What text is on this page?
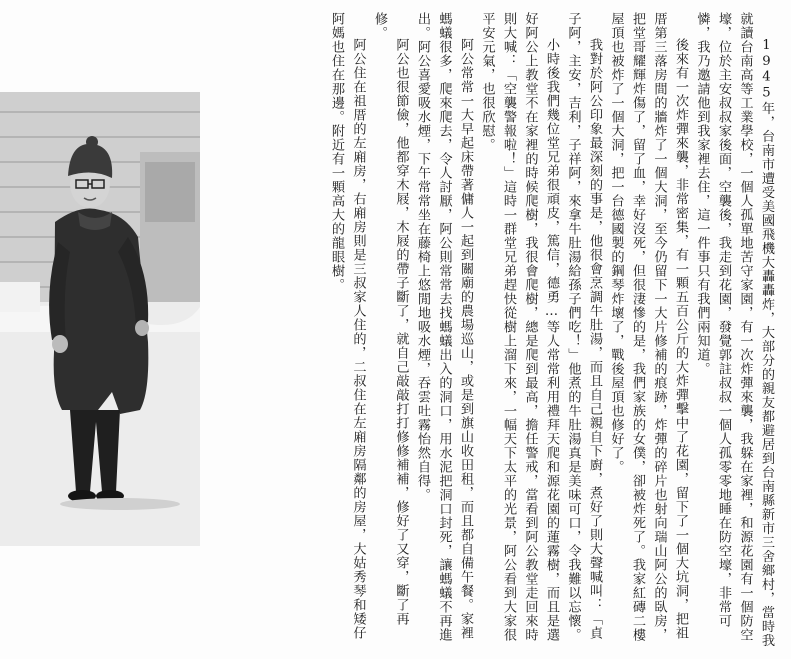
1945年，台南市遭受美國飛機大轟轟炸，大部分的親友都避居到台南縣新市三舍鄉村，當時我就讀台南高等工業學校，一個人孤單地苦守家園，有一次炸彈來襲，我躲在家裡，和源花園有一個防空壕，位於主安叔叔家後面，空襲後，我走到花園，發覺郭註叔叔一個人孤零零地睡在防空壕，非常可憐，我乃邀請他到我家裡去住，這一件事只有我們兩知道。

後來有一次炸彈來襲，非常密集，有一顆五百公斤的大炸彈擊中了花園，留下了一個大坑洞，把祖厝第三落房間的牆炸了一個大洞，至今仍留下一大片修補的痕跡，炸彈的碎片也射向瑞山阿公的臥房，把堂哥耀輝炸傷了，留了血，幸好沒死，但很淒慘的是，我們家族的女僕，卻被炸死了。我家紅磚二樓屋頂也被炸了一個大洞，把一台德國製的鋼琴炸壞了，戰後屋頂也修好了。

我對於阿公印象最深刻的事是，他很會烹調牛肚湯，而且自己親自下廚，煮好了則大聲喊叫：「貞子阿，主安，吉利，子祥阿，來拿牛肚湯給孫子們吃！」他煮的牛肚湯真是美味可口，令我難以忘懷。

小時後我們幾位堂兄弟很頑皮，篤信，德勇…等人常常利用禮拜天爬和源花園的蓮霧樹，而且是選好阿公上教堂不在家裡的時候爬樹，我很會爬樹，總是爬到最高，擔任警戒，當看到阿公教堂走回來時則大喊：「空襲警報啦！」這時一群堂兄弟趕快從樹上溜下來，一幅天下太平的光景，阿公看到大家很平安元氣，也很欣慰。

阿公常常一大早起床帶著傭人一起到關廟的農場巡山，或是到旗山收田租，而且都自備午餐。家裡螞蟻很多，爬來爬去，令人討厭，阿公則常常去找螞蟻出入的洞口，用水泥把洞口封死，讓螞蟻不再進出。阿公喜愛吸水煙，下午常常坐在藤椅上悠閒地吸水煙，吞雲吐霧怡然自得。

阿公也很節儉，他都穿木屐，木屐的帶子斷了，就自己敲敲打打修修補補，修好了又穿，斷了再修。

阿公住在祖厝的左廂房，右廂房則是三叔家人住的，二叔住在左廂房隔鄰的房屋，大姑秀琴和矮仔阿媽也住在那邊。附近有一顆高大的龍眼樹。
